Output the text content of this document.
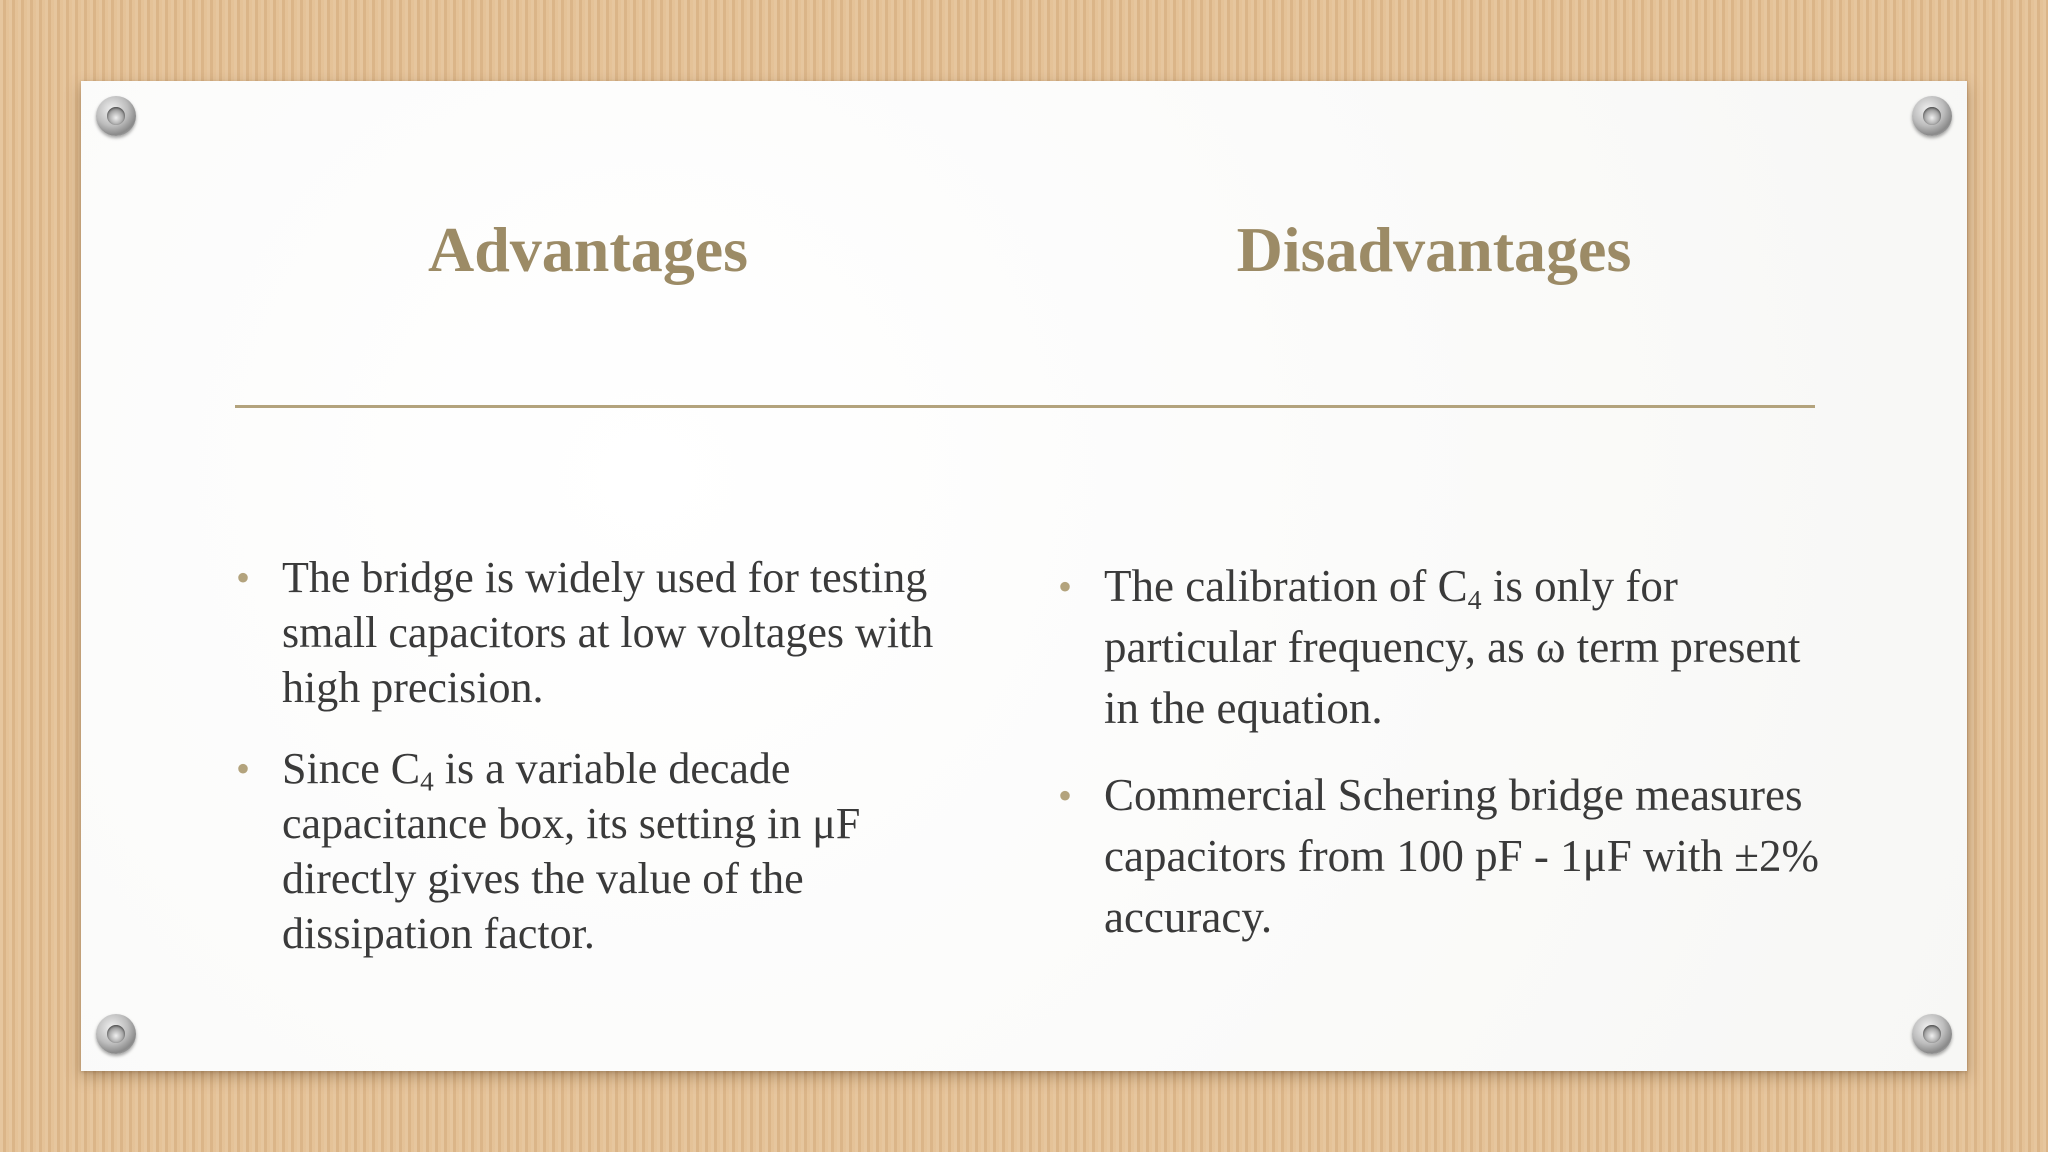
Advantages	Disadvantages
• The bridge is widely used for testing small capacitors at low voltages with high precision.
• Since $C_4$ is a variable decade capacitance box, its setting in μF directly gives the value of the dissipation factor.
• The calibration of $C_4$ is only for particular frequency, as ω term present in the equation.
• Commercial Schering bridge measures capacitors from 100 pF - 1μF with ±2% accuracy.
